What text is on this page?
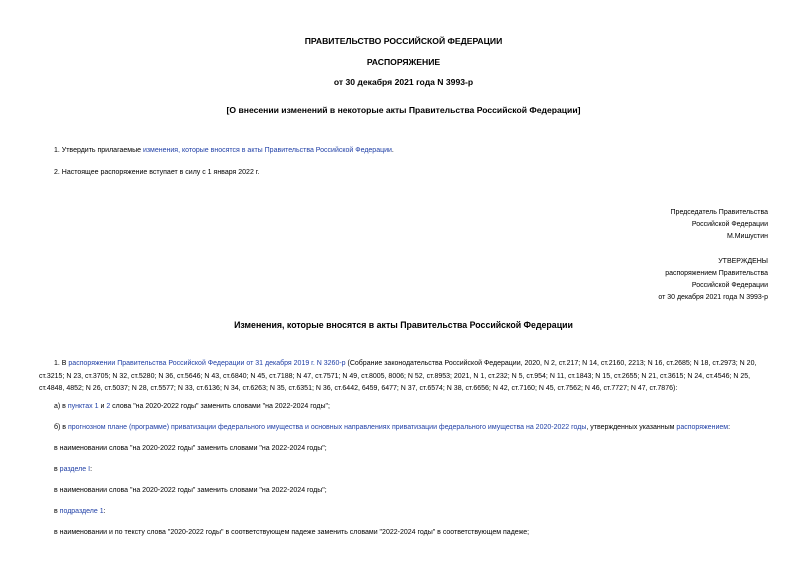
ПРАВИТЕЛЬСТВО РОССИЙСКОЙ ФЕДЕРАЦИИ
РАСПОРЯЖЕНИЕ
от 30 декабря 2021 года N 3993-р
[О внесении изменений в некоторые акты Правительства Российской Федерации]
1. Утвердить прилагаемые изменения, которые вносятся в акты Правительства Российской Федерации.
2. Настоящее распоряжение вступает в силу с 1 января 2022 г.
Председатель Правительства
Российской Федерации
М.Мишустин
УТВЕРЖДЕНЫ
распоряжением Правительства
Российской Федерации
от 30 декабря 2021 года N 3993-р
Изменения, которые вносятся в акты Правительства Российской Федерации
1. В распоряжении Правительства Российской Федерации от 31 декабря 2019 г. N 3260-р (Собрание законодательства Российской Федерации, 2020, N 2, ст.217; N 14, ст.2160, 2213; N 16, ст.2685; N 18, ст.2973; N 20, ст.3215; N 23, ст.3705; N 32, ст.5280; N 36, ст.5646; N 43, ст.6840; N 45, ст.7188; N 47, ст.7571; N 49, ст.8005, 8006; N 52, ст.8953; 2021, N 1, ст.232; N 5, ст.954; N 11, ст.1843; N 15, ст.2655; N 21, ст.3615; N 24, ст.4546; N 25, ст.4848, 4852; N 26, ст.5037; N 28, ст.5577; N 33, ст.6136; N 34, ст.6263; N 35, ст.6351; N 36, ст.6442, 6459, 6477; N 37, ст.6574; N 38, ст.6656; N 42, ст.7160; N 45, ст.7562; N 46, ст.7727; N 47, ст.7876):
а) в пунктах 1 и 2 слова "на 2020-2022 годы" заменить словами "на 2022-2024 годы";
б) в прогнозном плане (программе) приватизации федерального имущества и основных направлениях приватизации федерального имущества на 2020-2022 годы, утвержденных указанным распоряжением:
в наименовании слова "на 2020-2022 годы" заменить словами "на 2022-2024 годы";
в разделе I:
в наименовании слова "на 2020-2022 годы" заменить словами "на 2022-2024 годы";
в подразделе 1:
в наименовании и по тексту слова "2020-2022 годы" в соответствующем падеже заменить словами "2022-2024 годы" в соответствующем падеже;
